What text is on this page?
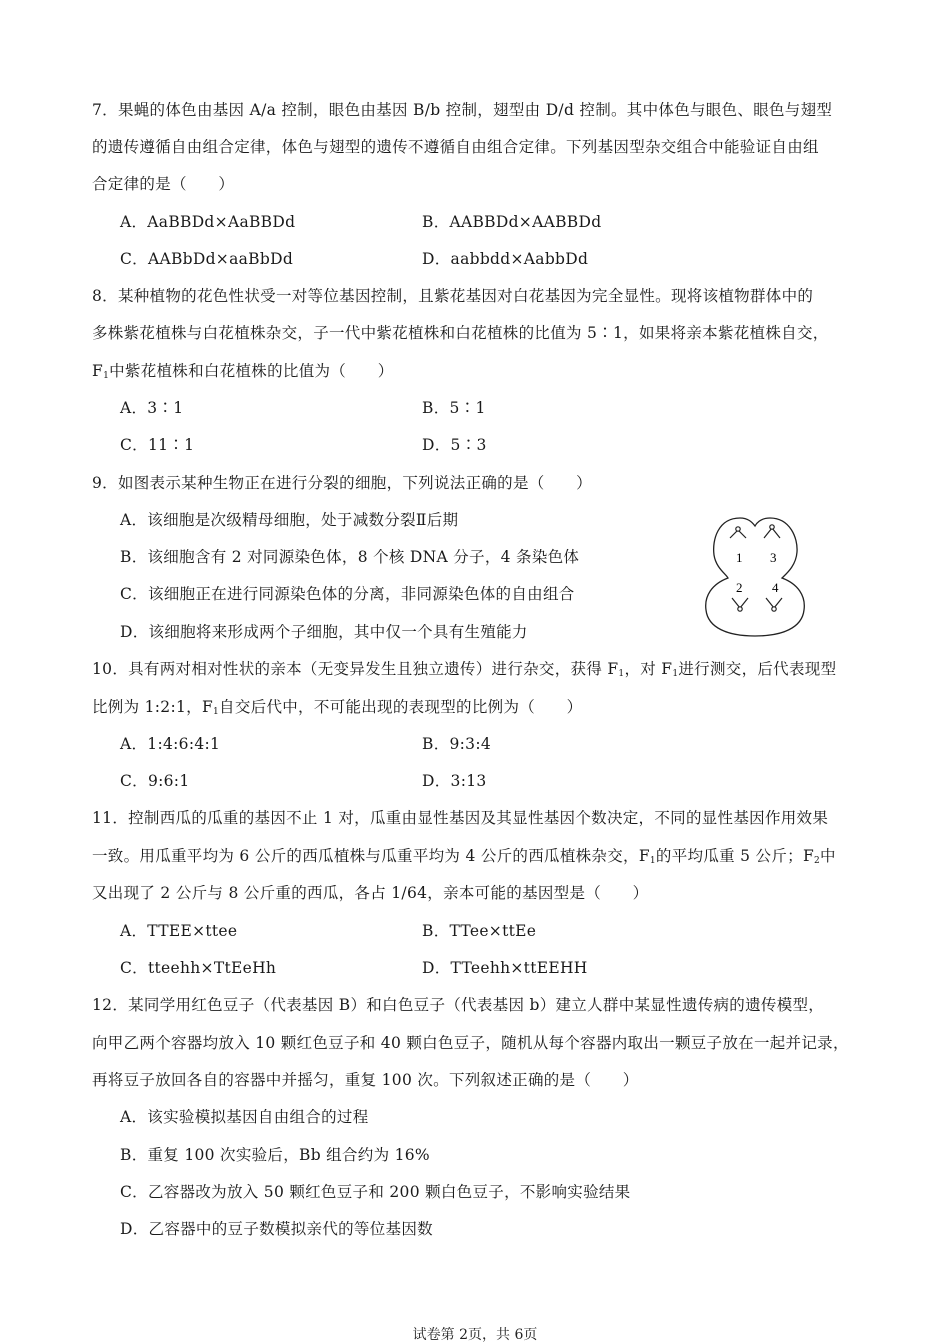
7．果蝇的体色由基因 A/a 控制，眼色由基因 B/b 控制，翅型由 D/d 控制。其中体色与眼色、眼色与翅型
的遗传遵循自由组合定律，体色与翅型的遗传不遵循自由组合定律。下列基因型杂交组合中能验证自由组
合定律的是（　　）
A．AaBBDd×AaBBDd	B．AABBDd×AABBDd
C．AABbDd×aaBbDd	D．aabbdd×AabbDd
8．某种植物的花色性状受一对等位基因控制，且紫花基因对白花基因为完全显性。现将该植物群体中的
多株紫花植株与白花植株杂交，子一代中紫花植株和白花植株的比值为 5∶1，如果将亲本紫花植株自交，
$F_1$中紫花植株和白花植株的比值为（　　）
A．3∶1	B．5∶1
C．11∶1	D．5∶3
9．如图表示某种生物正在进行分裂的细胞，下列说法正确的是（　　）
A．该细胞是次级精母细胞，处于减数分裂Ⅱ后期
B．该细胞含有 2 对同源染色体，8 个核 DNA 分子，4 条染色体
C．该细胞正在进行同源染色体的分离，非同源染色体的自由组合
D．该细胞将来形成两个子细胞，其中仅一个具有生殖能力
1 3
2 4
10．具有两对相对性状的亲本（无变异发生且独立遗传）进行杂交，获得 $F_1$，对 $F_1$进行测交，后代表现型
比例为 1:2:1，$F_1$自交后代中，不可能出现的表现型的比例为（　　）
A．1:4:6:4:1	B．9:3:4
C．9:6:1	D．3:13
11．控制西瓜的瓜重的基因不止 1 对，瓜重由显性基因及其显性基因个数决定，不同的显性基因作用效果
一致。用瓜重平均为 6 公斤的西瓜植株与瓜重平均为 4 公斤的西瓜植株杂交，$F_1$的平均瓜重 5 公斤；$F_2$中
又出现了 2 公斤与 8 公斤重的西瓜，各占 1/64，亲本可能的基因型是（　　）
A．TTEE×ttee	B．TTee×ttEe
C．tteehh×TtEeHh	D．TTeehh×ttEEHH
12．某同学用红色豆子（代表基因 B）和白色豆子（代表基因 b）建立人群中某显性遗传病的遗传模型，
向甲乙两个容器均放入 10 颗红色豆子和 40 颗白色豆子，随机从每个容器内取出一颗豆子放在一起并记录，
再将豆子放回各自的容器中并摇匀，重复 100 次。下列叙述正确的是（　　）
A．该实验模拟基因自由组合的过程
B．重复 100 次实验后，Bb 组合约为 16%
C．乙容器改为放入 50 颗红色豆子和 200 颗白色豆子，不影响实验结果
D．乙容器中的豆子数模拟亲代的等位基因数
试卷第 2页，共 6页
